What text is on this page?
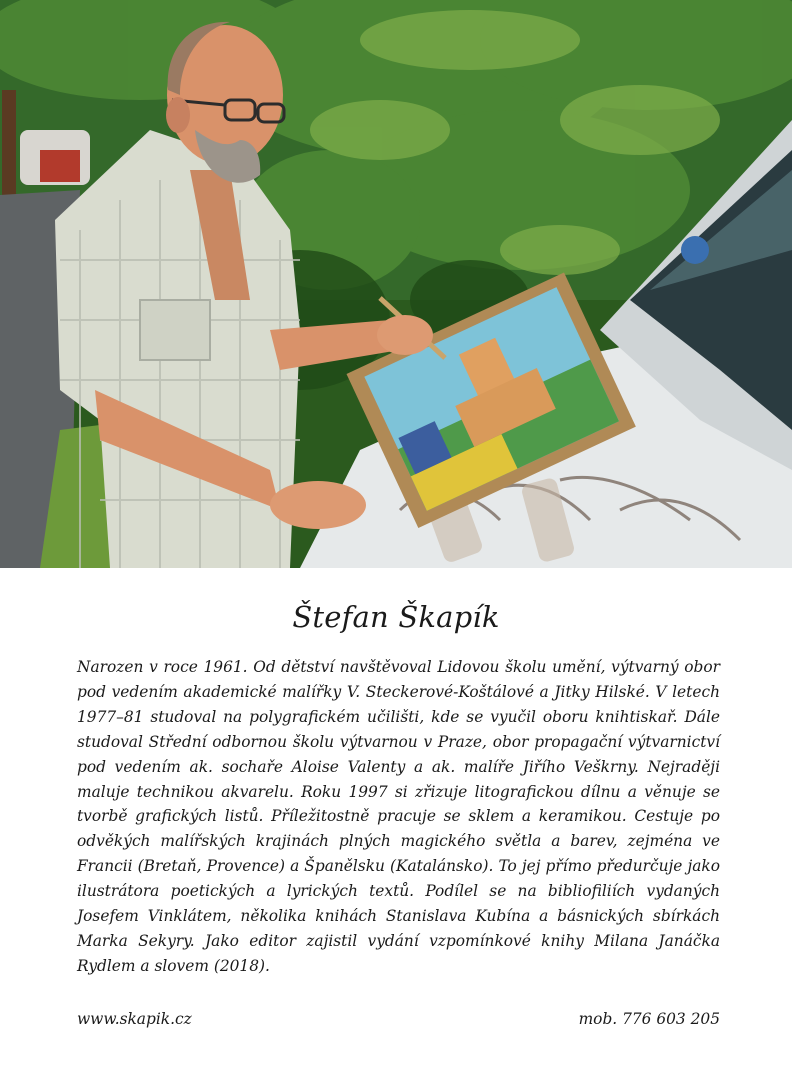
Štefan Škapík

Narozen v roce 1961. Od dětství navštěvoval Lidovou školu umění, výtvarný obor pod vedením akademické malířky V. Steckerové-Koštálové a Jitky Hilské. V letech 1977–81 studoval na polygrafickém učilišti, kde se vyučil oboru knihtiskař. Dále studoval Střední odbornou školu výtvarnou v Praze, obor propagační výtvarnictví pod vedením ak. sochaře Aloise Valenty a ak. malíře Jiřího Veškrny. Nejraději maluje technikou akvarelu. Roku 1997 si zřizuje litografickou dílnu a věnuje se tvorbě grafických listů. Příležitostně pracuje se sklem a keramikou. Cestuje po odvěkých malířských krajinách plných magického světla a barev, zejména ve Francii (Bretaň, Provence) a Španělsku (Katalánsko). To jej přímo předurčuje jako ilustrátora poetických a lyrických textů. Podílel se na bibliofiliích vydaných Josefem Vinklátem, několika knihách Stanislava Kubína a básnických sbírkách Marka Sekyry. Jako editor zajistil vydání vzpomínkové knihy Milana Janáčka Rydlem a slovem (2018).

www.skapik.cz	mob. 776 603 205
